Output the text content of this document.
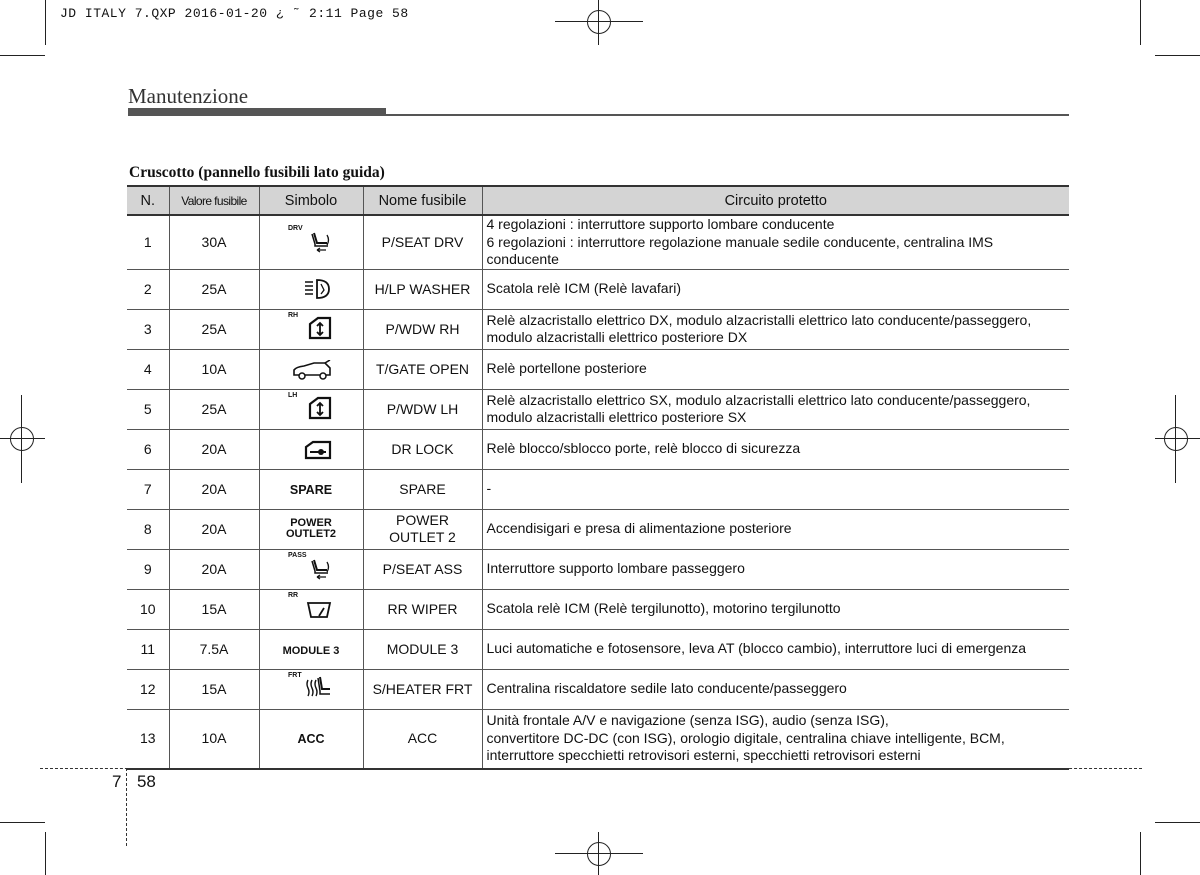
JD ITALY 7.QXP 2016-01-20 ¿ ˜ 2:11 Page 58
Manutenzione
Cruscotto (pannello fusibili lato guida)
N.	Valore fusibile	Simbolo	Nome fusibile	Circuito protetto
1	30A	DRV	P/SEAT DRV	4 regolazioni : interruttore supporto lombare conducente
6 regolazioni : interruttore regolazione manuale sedile conducente, centralina IMS conducente

2	25A		H/LP WASHER	Scatola relè ICM (Relè lavafari)

3	25A	RH	P/WDW RH	Relè alzacristallo elettrico DX, modulo alzacristalli elettrico lato conducente/passeggero,
modulo alzacristalli elettrico posteriore DX

4	10A		T/GATE OPEN	Relè portellone posteriore

5	25A	LH	P/WDW LH	Relè alzacristallo elettrico SX, modulo alzacristalli elettrico lato conducente/passeggero,
modulo alzacristalli elettrico posteriore SX

6	20A		DR LOCK	Relè blocco/sblocco porte, relè blocco di sicurezza

7	20A	SPARE	SPARE	-

8	20A	POWER OUTLET2	POWER OUTLET 2	Accendisigari e presa di alimentazione posteriore

9	20A	PASS	P/SEAT ASS	Interruttore supporto lombare passeggero

10	15A	RR	RR WIPER	Scatola relè ICM (Relè tergilunotto), motorino tergilunotto

11	7.5A	MODULE 3	MODULE 3	Luci automatiche e fotosensore, leva AT (blocco cambio), interruttore luci di emergenza

12	15A	FRT	S/HEATER FRT	Centralina riscaldatore sedile lato conducente/passeggero

13	10A	ACC	ACC	Unità frontale A/V e navigazione (senza ISG), audio (senza ISG),
convertitore DC-DC (con ISG), orologio digitale, centralina chiave intelligente, BCM,
interruttore specchietti retrovisori esterni, specchietti retrovisori esterni
7 58
